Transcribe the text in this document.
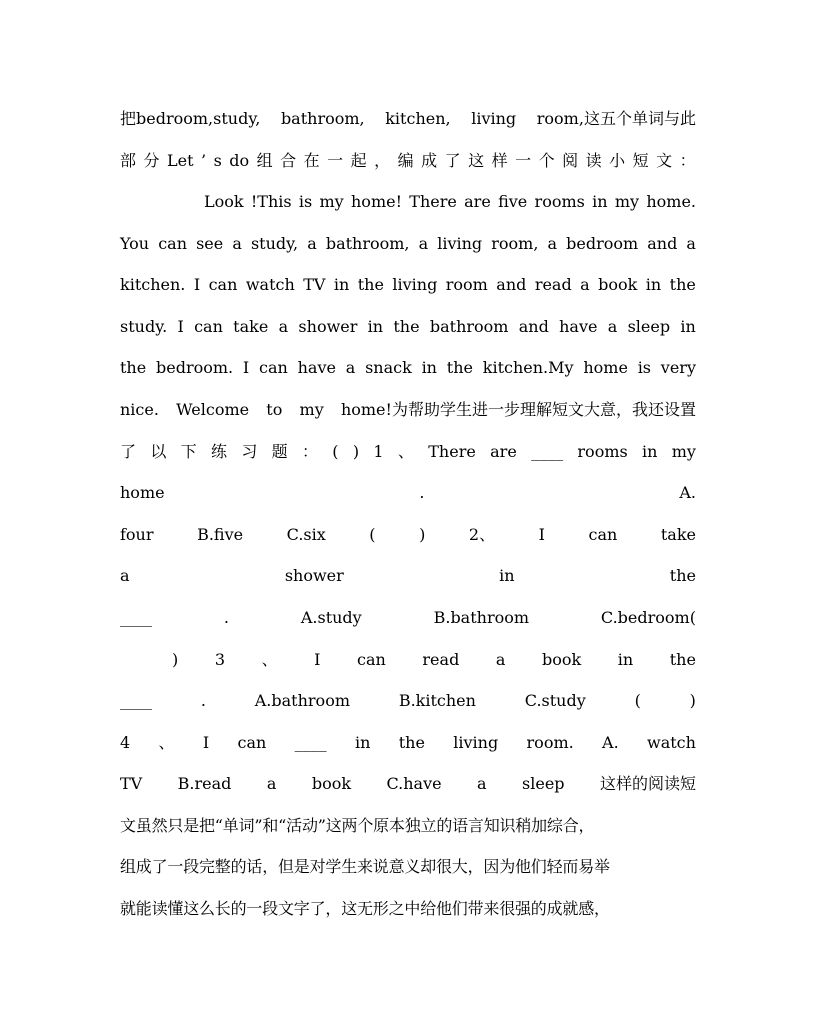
把bedroom,study, bathroom, kitchen, living room,这五个单词与此
部 分 Let ’ s do 组 合 在 一 起 ， 编 成 了 这 样 一 个 阅 读 小 短 文 ：
Look !This is my home! There are five rooms in my home.
You can see a study, a bathroom, a living room, a bedroom and a
kitchen. I can watch TV in the living room and read a book in the
study. I can take a shower in the bathroom and have a sleep in
the bedroom. I can have a snack in the kitchen.My home is very
nice. Welcome to my home!为帮助学生进一步理解短文大意，我还设置
了 以 下 练 习 题 ： ( ) 1 、 There are ____ rooms in my
home	.	A.
four	B.five	C.six	(	)	2、	I	can	take
a	shower	in	the
____	.	A.study	B.bathroom	C.bedroom(
) 3 、 I can read a book in the
____	.	A.bathroom	B.kitchen	C.study	(	)
4 、 I can ____ in the living room. A. watch
TV B.read a book C.have a sleep 这样的阅读短
文虽然只是把“单词”和“活动”这两个原本独立的语言知识稍加综合，
组成了一段完整的话，但是对学生来说意义却很大，因为他们轻而易举
就能读懂这么长的一段文字了，这无形之中给他们带来很强的成就感，
